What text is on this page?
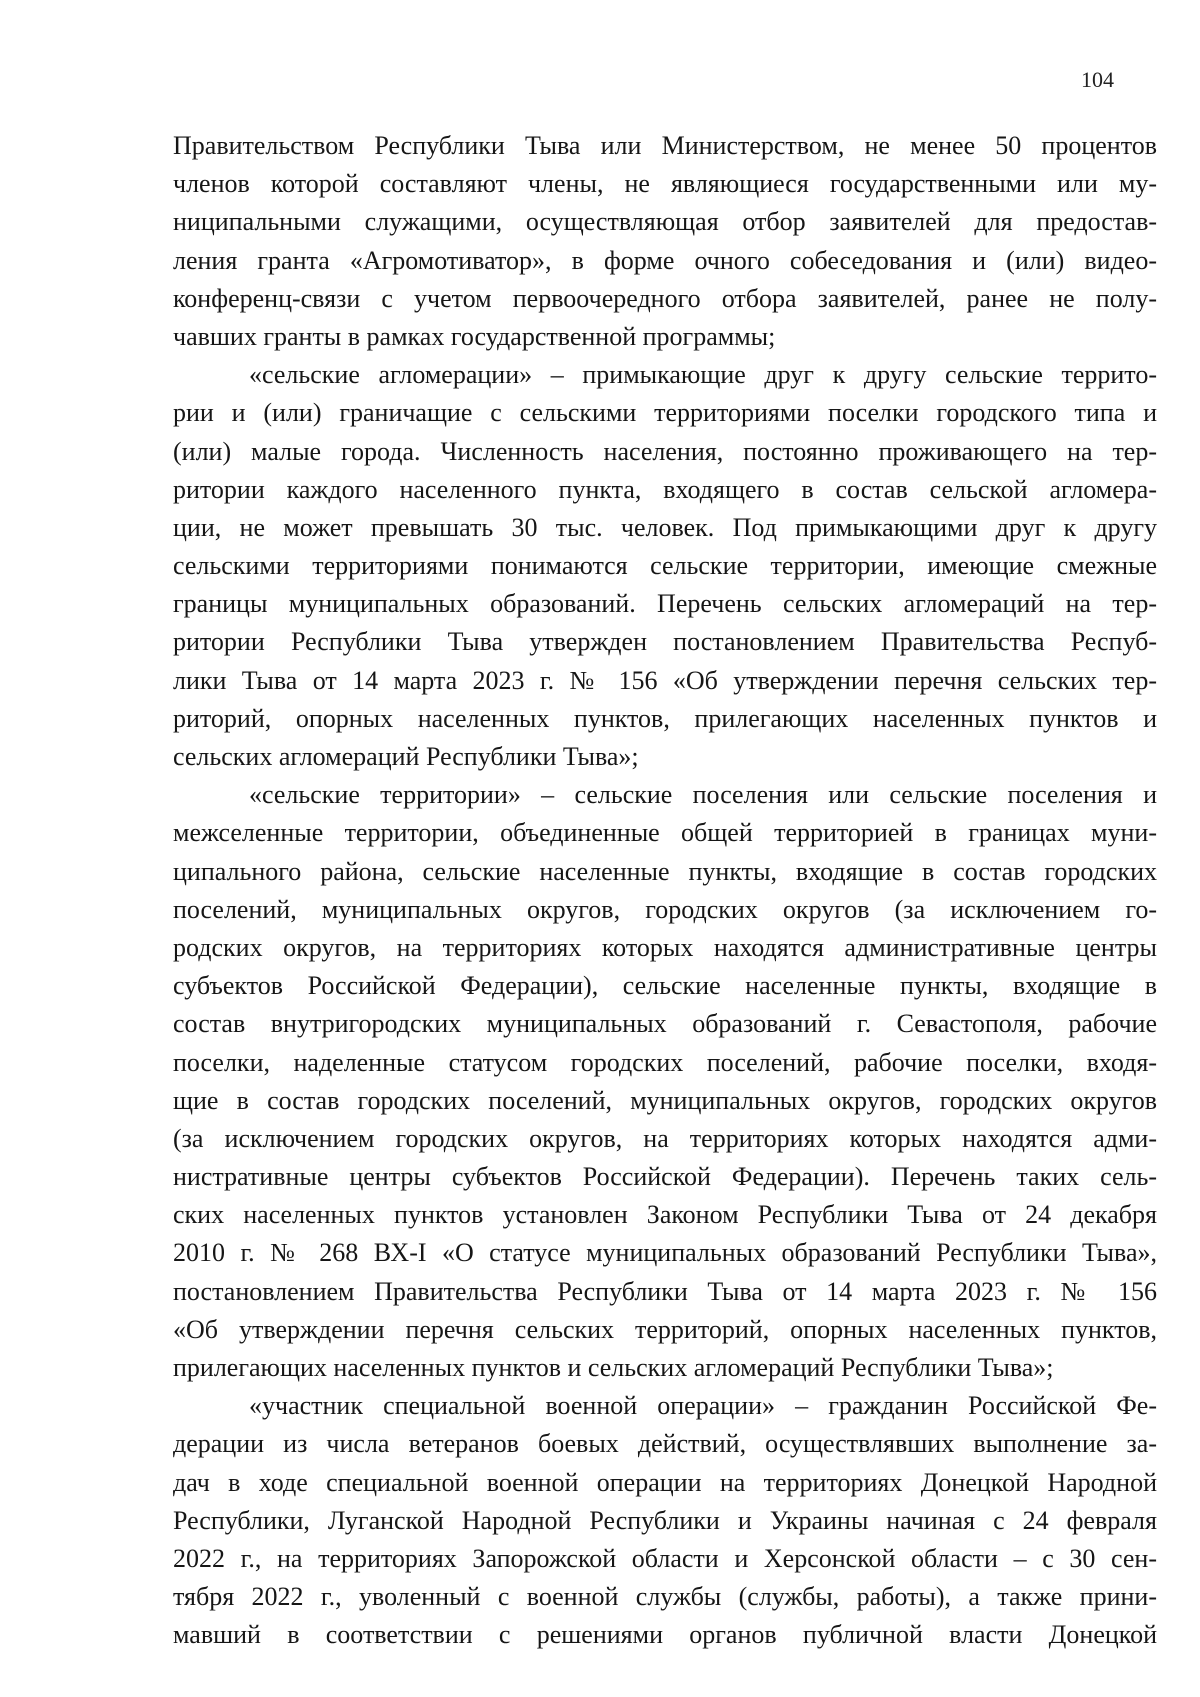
104
Правительством Республики Тыва или Министерством, не менее 50 процентов
членов которой составляют члены, не являющиеся государственными или му-
ниципальными служащими, осуществляющая отбор заявителей для предостав-
ления гранта «Агромотиватор», в форме очного собеседования и (или) видео-
конференц-связи с учетом первоочередного отбора заявителей, ранее не полу-
чавших гранты в рамках государственной программы;
«сельские агломерации» – примыкающие друг к другу сельские террито-
рии и (или) граничащие с сельскими территориями поселки городского типа и
(или) малые города. Численность населения, постоянно проживающего на тер-
ритории каждого населенного пункта, входящего в состав сельской агломера-
ции, не может превышать 30 тыс. человек. Под примыкающими друг к другу
сельскими территориями понимаются сельские территории, имеющие смежные
границы муниципальных образований. Перечень сельских агломераций на тер-
ритории Республики Тыва утвержден постановлением Правительства Респуб-
лики Тыва от 14 марта 2023 г. № 156 «Об утверждении перечня сельских тер-
риторий, опорных населенных пунктов, прилегающих населенных пунктов и
сельских агломераций Республики Тыва»;
«сельские территории» – сельские поселения или сельские поселения и
межселенные территории, объединенные общей территорией в границах муни-
ципального района, сельские населенные пункты, входящие в состав городских
поселений, муниципальных округов, городских округов (за исключением го-
родских округов, на территориях которых находятся административные центры
субъектов Российской Федерации), сельские населенные пункты, входящие в
состав внутригородских муниципальных образований г. Севастополя, рабочие
поселки, наделенные статусом городских поселений, рабочие поселки, входя-
щие в состав городских поселений, муниципальных округов, городских округов
(за исключением городских округов, на территориях которых находятся адми-
нистративные центры субъектов Российской Федерации). Перечень таких сель-
ских населенных пунктов установлен Законом Республики Тыва от 24 декабря
2010 г. № 268 ВХ-I «О статусе муниципальных образований Республики Тыва»,
постановлением Правительства Республики Тыва от 14 марта 2023 г. № 156
«Об утверждении перечня сельских территорий, опорных населенных пунктов,
прилегающих населенных пунктов и сельских агломераций Республики Тыва»;
«участник специальной военной операции» – гражданин Российской Фе-
дерации из числа ветеранов боевых действий, осуществлявших выполнение за-
дач в ходе специальной военной операции на территориях Донецкой Народной
Республики, Луганской Народной Республики и Украины начиная с 24 февраля
2022 г., на территориях Запорожской области и Херсонской области – с 30 сен-
тября 2022 г., уволенный с военной службы (службы, работы), а также прини-
мавший в соответствии с решениями органов публичной власти Донецкой
